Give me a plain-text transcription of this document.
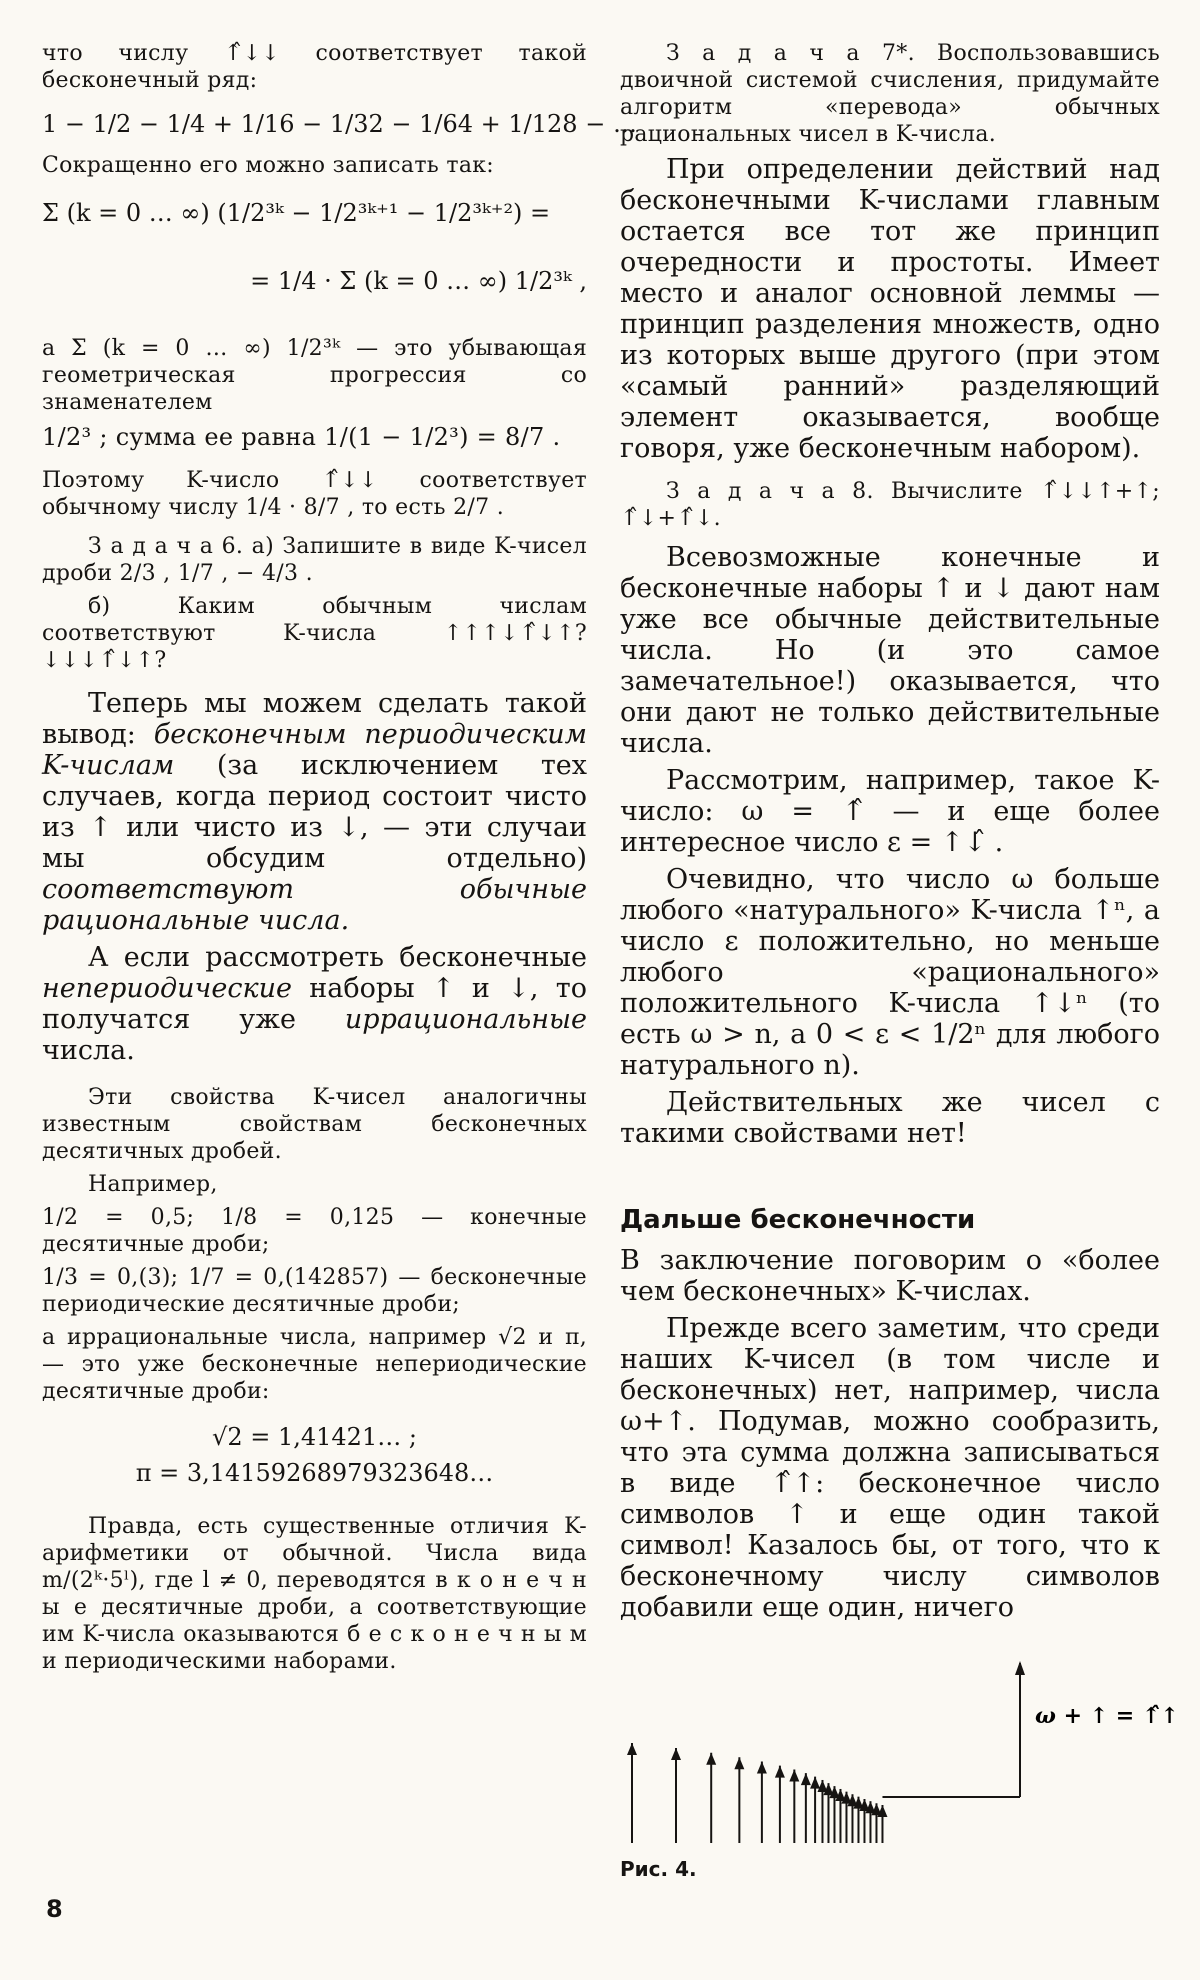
что числу ↑̂↓↓ соответствует такой бесконечный ряд:

1 − 1/2 − 1/4 + 1/16 − 1/32 − 1/64 + 1/128 − …

Сокращенно его можно записать так:

Σ (k = 0 … ∞) (1/2³ᵏ − 1/2³ᵏ⁺¹ − 1/2³ᵏ⁺²) =

= 1/4 · Σ (k = 0 … ∞) 1/2³ᵏ ,

а Σ (k = 0 … ∞) 1/2³ᵏ — это убывающая геометрическая прогрессия со знаменателем

1/2³ ; сумма ее равна 1/(1 − 1/2³) = 8/7 .

Поэтому K-число ↑̂↓↓ соответствует обычному числу 1/4 · 8/7 , то есть 2/7 .

З а д а ч а 6. а) Запишите в виде K-чисел дроби 2/3 , 1/7 , − 4/3 .

б) Каким обычным числам соответствуют K-числа ↑↑↑↓↑̂↓↑? ↓↓↓↑̂↓↑?

Теперь мы можем сделать такой вывод: бесконечным периодическим K-числам (за исключением тех случаев, когда период состоит чисто из ↑ или чисто из ↓, — эти случаи мы обсудим отдельно) соответствуют обычные рациональные числа.

А если рассмотреть бесконечные непериодические наборы ↑ и ↓, то получатся уже иррациональные числа.

Эти свойства K-чисел аналогичны известным свойствам бесконечных десятичных дробей.

Например,

1/2 = 0,5; 1/8 = 0,125 — конечные десятичные дроби;

1/3 = 0,(3); 1/7 = 0,(142857) — бесконечные периодические десятичные дроби;

а иррациональные числа, например √2 и π, — это уже бесконечные непериодические десятичные дроби:

√2 = 1,41421… ;

π = 3,14159268979323648…

Правда, есть существенные отличия K-арифметики от обычной. Числа вида m/(2ᵏ·5ˡ), где l ≠ 0, переводятся в к о н е ч н ы е десятичные дроби, а соответствующие им K-числа оказываются б е с к о н е ч н ы м и периодическими наборами.

З а д а ч а 7*. Воспользовавшись двоичной системой счисления, придумайте алгоритм «перевода» обычных рациональных чисел в K-числа.

При определении действий над бесконечными K-числами главным остается все тот же принцип очередности и простоты. Имеет место и аналог основной леммы — принцип разделения множеств, одно из которых выше другого (при этом «самый ранний» разделяющий элемент оказывается, вообще говоря, уже бесконечным набором).

З а д а ч а 8. Вычислите ↑̂↓↓↑+↑; ↑̂↓+↑̂↓.

Всевозможные конечные и бесконечные наборы ↑ и ↓ дают нам уже все обычные действительные числа. Но (и это самое замечательное!) оказывается, что они дают не только действительные числа.

Рассмотрим, например, такое K-число: ω = ↑̂ — и еще более интересное число ε = ↑↓̂ .

Очевидно, что число ω больше любого «натурального» K-числа ↑ⁿ, а число ε положительно, но меньше любого «рационального» положительного K-числа ↑↓ⁿ (то есть ω > n, а 0 < ε < 1/2ⁿ для любого натурального n).

Действительных же чисел с такими свойствами нет!

Дальше бесконечности

В заключение поговорим о «более чем бесконечных» K-числах.

Прежде всего заметим, что среди наших K-чисел (в том числе и бесконечных) нет, например, числа ω+↑. Подумав, можно сообразить, что эта сумма должна записываться в виде ↑̂↑: бесконечное число символов ↑ и еще один такой символ! Казалось бы, от того, что к бесконечному числу символов добавили еще один, ничего

ω + ↑ = ↑̂↑
Рис. 4.
8
